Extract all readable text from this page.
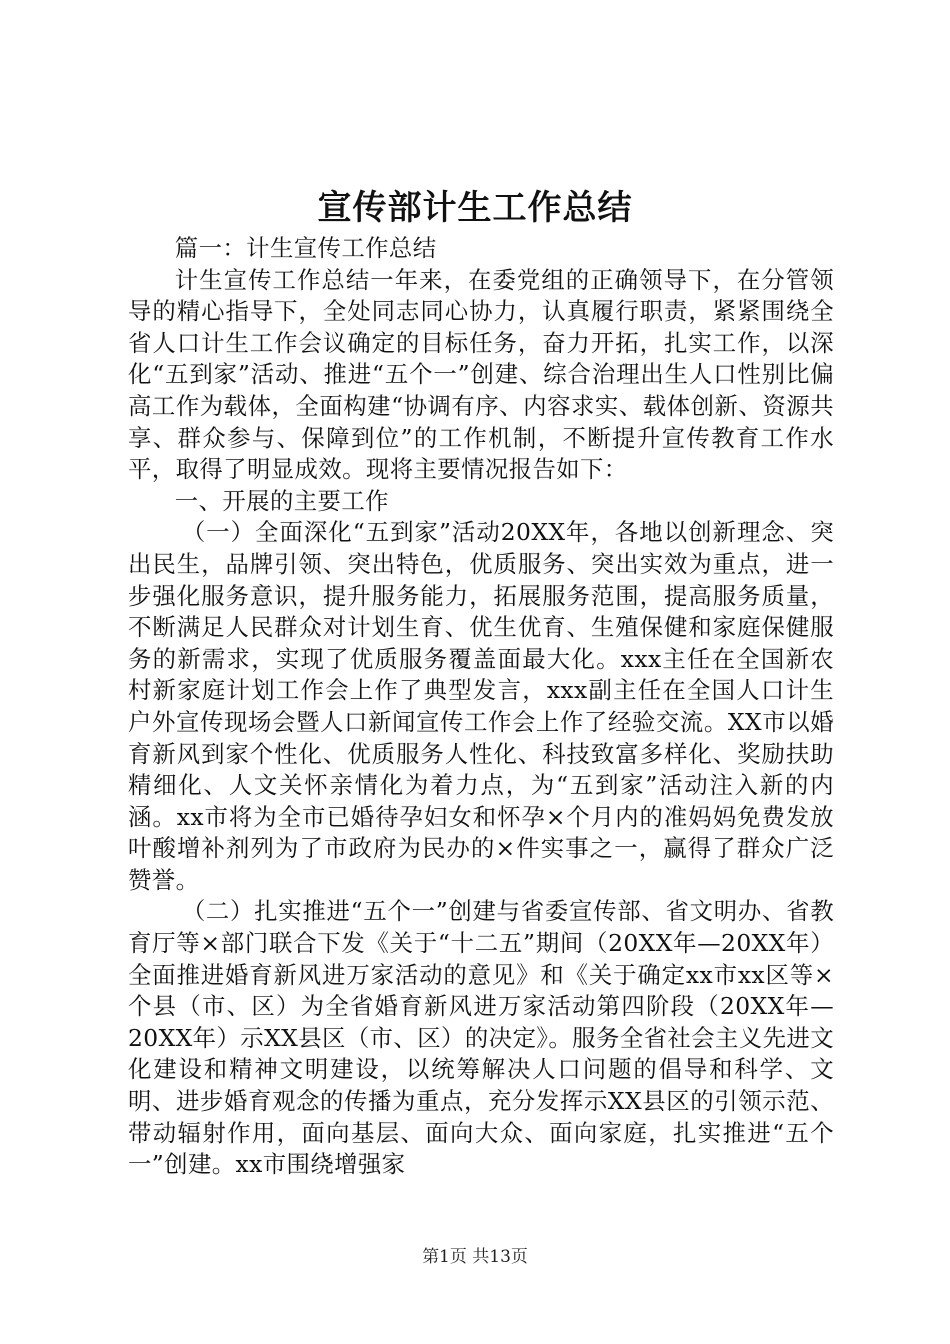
宣传部计生工作总结

篇一：计生宣传工作总结

计生宣传工作总结一年来，在委党组的正确领导下，在分管领导的精心指导下，全处同志同心协力，认真履行职责，紧紧围绕全省人口计生工作会议确定的目标任务，奋力开拓，扎实工作，以深化“五到家”活动、推进“五个一”创建、综合治理出生人口性别比偏高工作为载体，全面构建“协调有序、内容求实、载体创新、资源共享、群众参与、保障到位”的工作机制，不断提升宣传教育工作水平，取得了明显成效。现将主要情况报告如下：

一、开展的主要工作

（一）全面深化“五到家”活动20XX年，各地以创新理念、突出民生，品牌引领、突出特色，优质服务、突出实效为重点，进一步强化服务意识，提升服务能力，拓展服务范围，提高服务质量，不断满足人民群众对计划生育、优生优育、生殖保健和家庭保健服务的新需求，实现了优质服务覆盖面最大化。xxx主任在全国新农村新家庭计划工作会上作了典型发言，xxx副主任在全国人口计生户外宣传现场会暨人口新闻宣传工作会上作了经验交流。XX市以婚育新风到家个性化、优质服务人性化、科技致富多样化、奖励扶助精细化、人文关怀亲情化为着力点，为“五到家”活动注入新的内涵。xx市将为全市已婚待孕妇女和怀孕×个月内的准妈妈免费发放叶酸增补剂列为了市政府为民办的×件实事之一，赢得了群众广泛赞誉。

（二）扎实推进“五个一”创建与省委宣传部、省文明办、省教育厅等×部门联合下发《关于“十二五”期间（20XX年—20XX年）全面推进婚育新风进万家活动的意见》和《关于确定xx市xx区等×个县（市、区）为全省婚育新风进万家活动第四阶段（20XX年—20XX年）示XX县区（市、区）的决定》。服务全省社会主义先进文化建设和精神文明建设，以统筹解决人口问题的倡导和科学、文明、进步婚育观念的传播为重点，充分发挥示XX县区的引领示范、带动辐射作用，面向基层、面向大众、面向家庭，扎实推进“五个一”创建。xx市围绕增强家

第1页 共13页
